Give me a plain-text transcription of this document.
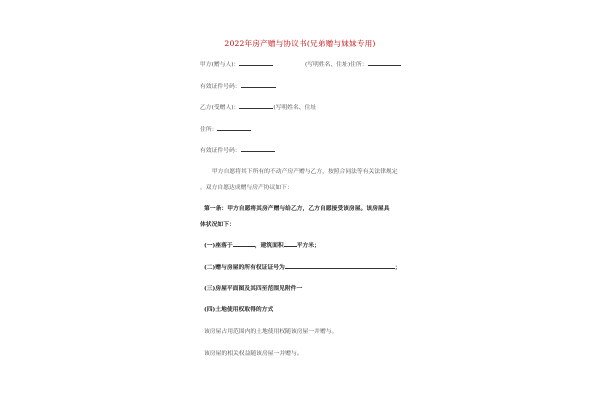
2022年房产赠与协议书(兄弟赠与妹妹专用)
甲方(赠与人)：	(写明姓名、住址)住所：
有效证件号码：
乙方(受赠人)：	(写明姓名、住址
住所：
有效证件号码：
甲方自愿将其下所有的不动产房产赠与乙方，按照合同法等有关法律规定
，双方自愿达成赠与房产协议如下：
第一条：甲方自愿将其房产赠与给乙方，乙方自愿接受该房屋。该房屋具
体状况如下：
(一)座落于	，建筑面积 平方米；
(二)赠与房屋的所有权证证号为	；
(三)房屋平面图及其四至范围见附件一
(四)土地使用权取得的方式
该房屋占用范围内的土地使用权随该房屋一并赠与。
该房屋的相关权益随该房屋一并赠与。
